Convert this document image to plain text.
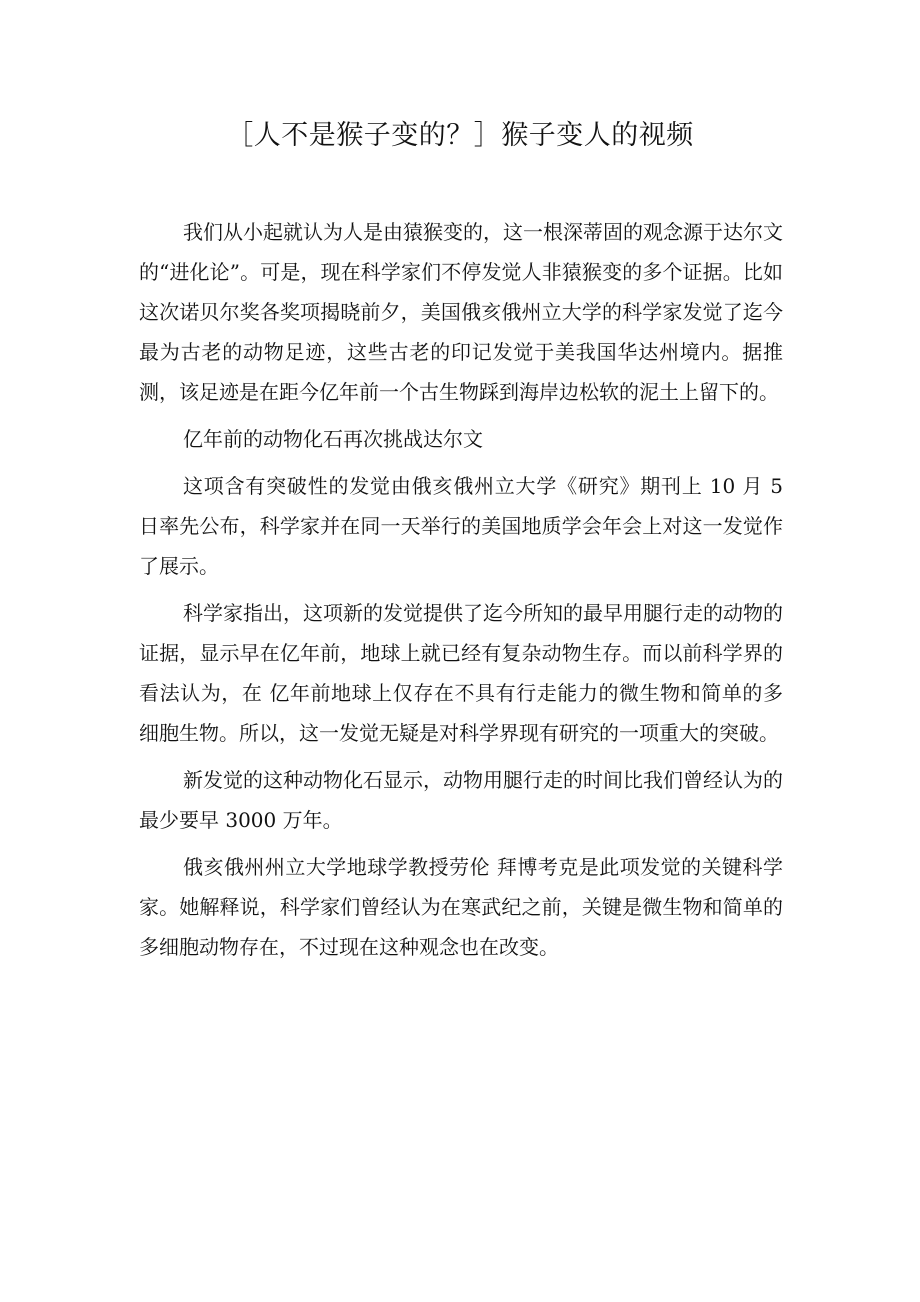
［人不是猴子变的？］猴子变人的视频

我们从小起就认为人是由猿猴变的，这一根深蒂固的观念源于达尔文的“进化论”。可是，现在科学家们不停发觉人非猿猴变的多个证据。比如这次诺贝尔奖各奖项揭晓前夕，美国俄亥俄州立大学的科学家发觉了迄今最为古老的动物足迹，这些古老的印记发觉于美我国华达州境内。据推测，该足迹是在距今亿年前一个古生物踩到海岸边松软的泥土上留下的。

亿年前的动物化石再次挑战达尔文

这项含有突破性的发觉由俄亥俄州立大学《研究》期刊上 10 月 5 日率先公布，科学家并在同一天举行的美国地质学会年会上对这一发觉作了展示。

科学家指出，这项新的发觉提供了迄今所知的最早用腿行走的动物的证据，显示早在亿年前，地球上就已经有复杂动物生存。而以前科学界的看法认为，在 亿年前地球上仅存在不具有行走能力的微生物和简单的多细胞生物。所以，这一发觉无疑是对科学界现有研究的一项重大的突破。

新发觉的这种动物化石显示，动物用腿行走的时间比我们曾经认为的最少要早 3000 万年。

俄亥俄州州立大学地球学教授劳伦 拜博考克是此项发觉的关键科学家。她解释说，科学家们曾经认为在寒武纪之前，关键是微生物和简单的多细胞动物存在，不过现在这种观念也在改变。
